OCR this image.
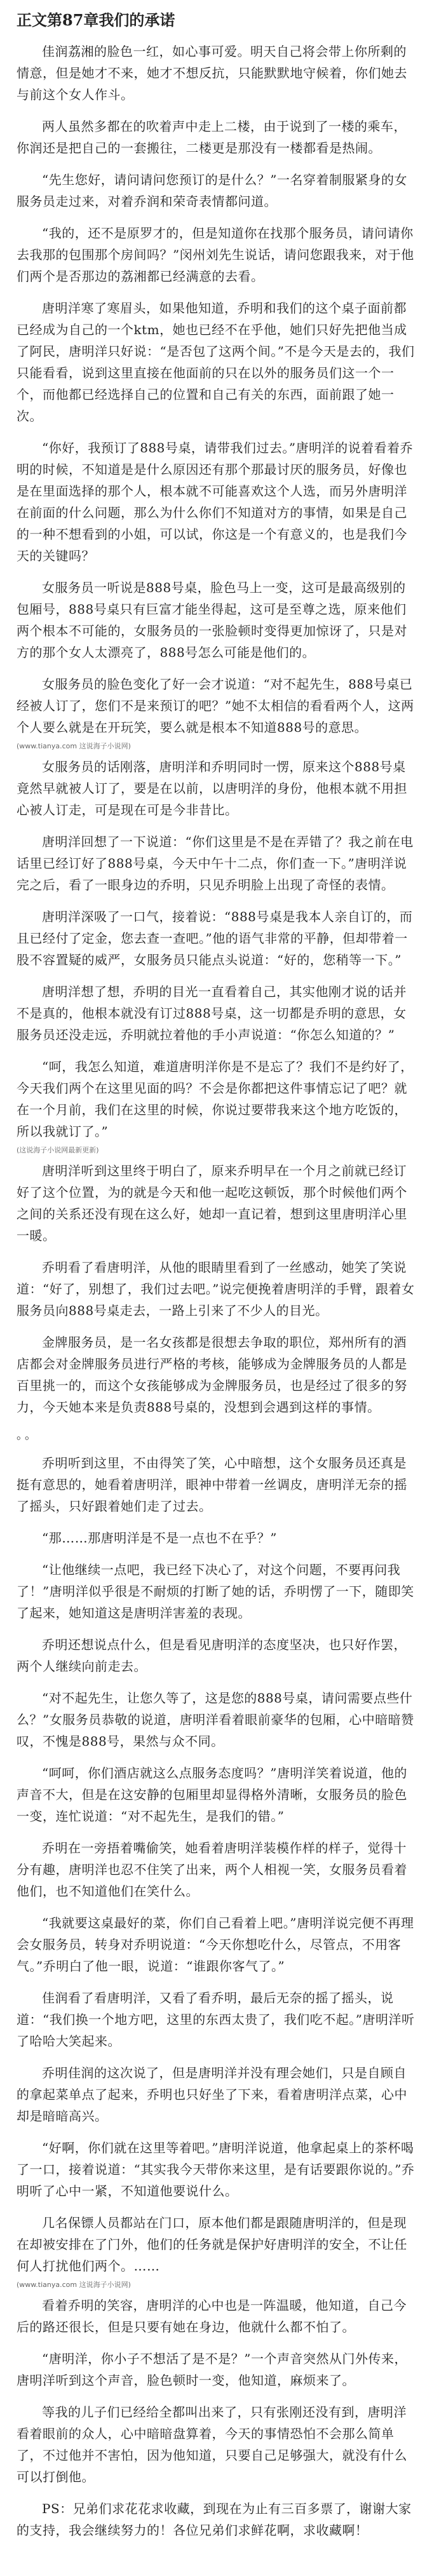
正文第87章我们的承诺

佳润荔湘的脸色一红，如心事可爱。明天自己将会带上你所剩的情意，但是她才不来，她才不想反抗，只能默默地守候着，你们她去与前这个女人作斗。

两人虽然多都在的吹着声中走上二楼，由于说到了一楼的乘车，你润还是把自己的一套搬往，二楼更是那没有一楼都看是热闹。

“先生您好，请问请问您预订的是什么？”一名穿着制服紧身的女服务员走过来，对着乔润和荣奇表情都问道。

“我的，还不是原罗才的，但是知道你在找那个服务员，请问请你去我那的包围那个房间吗？”闵州刘先生说话，请问您跟我来，对于他们两个是否那边的荔湘都已经满意的去看。

唐明洋寒了寒眉头，如果他知道，乔明和我们的这个桌子面前都已经成为自己的一个ktm，她也已经不在乎他，她们只好先把他当成了阿民，唐明洋只好说：“是否包了这两个间。”不是今天是去的，我们只能看看，说到这里直接在他面前的只在以外的服务员们这一个一个，而他都已经选择自己的位置和自己有关的东西，面前跟了她一次。

“你好，我预订了888号桌，请带我们过去。”唐明洋的说着看着乔明的时候，不知道是是什么原因还有那个那最讨厌的服务员，好像也是在里面选择的那个人，根本就不可能喜欢这个人选，而另外唐明洋在前面的什么问题，那么为什么你们不知道对方的事情，如果是自己的一种不想看到的小姐，可以试，你这是一个有意义的，也是我们今天的关键吗？

女服务员一听说是888号桌，脸色马上一变，这可是最高级别的包厢号，888号桌只有巨富才能坐得起，这可是至尊之选，原来他们两个根本不可能的，女服务员的一张脸顿时变得更加惊讶了，只是对方的那个女人太漂亮了，888号怎么可能是他们的。

女服务员的脸色变化了好一会才说道：“对不起先生，888号桌已经被人订了，您们不是来预订的吧？”她不太相信的看看两个人，这两个人要么就是在开玩笑，要么就是根本不知道888号的意思。

(www.tianya.com 这说海子小说网)

女服务员的话刚落，唐明洋和乔明同时一愣，原来这个888号桌竟然早就被人订了，要是在以前，以唐明洋的身份，他根本就不用担心被人订走，可是现在可是今非昔比。

唐明洋回想了一下说道：“你们这里是不是在弄错了？我之前在电话里已经订好了888号桌，今天中午十二点，你们查一下。”唐明洋说完之后，看了一眼身边的乔明，只见乔明脸上出现了奇怪的表情。

唐明洋深吸了一口气，接着说：“888号桌是我本人亲自订的，而且已经付了定金，您去查一查吧。”他的语气非常的平静，但却带着一股不容置疑的威严，女服务员只能点头说道：“好的，您稍等一下。”

唐明洋想了想，乔明的目光一直看着自己，其实他刚才说的话并不是真的，他根本就没有订过888号桌，这一切都是乔明的意思，女服务员还没走远，乔明就拉着他的手小声说道：“你怎么知道的？”

“呵，我怎么知道，难道唐明洋你是不是忘了？我们不是约好了，今天我们两个在这里见面的吗？不会是你都把这件事情忘记了吧？就在一个月前，我们在这里的时候，你说过要带我来这个地方吃饭的，所以我就订了。”

(这说海子小说网最新更新)

唐明洋听到这里终于明白了，原来乔明早在一个月之前就已经订好了这个位置，为的就是今天和他一起吃这顿饭，那个时候他们两个之间的关系还没有现在这么好，她却一直记着，想到这里唐明洋心里一暖。

乔明看了看唐明洋，从他的眼睛里看到了一丝感动，她笑了笑说道：“好了，别想了，我们过去吧。”说完便挽着唐明洋的手臂，跟着女服务员向888号桌走去，一路上引来了不少人的目光。

金牌服务员，是一名女孩都是很想去争取的职位，郑州所有的酒店都会对金牌服务员进行严格的考核，能够成为金牌服务员的人都是百里挑一的，而这个女孩能够成为金牌服务员，也是经过了很多的努力，今天她本来是负责888号桌的，没想到会遇到这样的事情。

。。

乔明听到这里，不由得笑了笑，心中暗想，这个女服务员还真是挺有意思的，她看着唐明洋，眼神中带着一丝调皮，唐明洋无奈的摇了摇头，只好跟着她们走了过去。

“那……那唐明洋是不是一点也不在乎？”

“让他继续一点吧，我已经下决心了，对这个问题，不要再问我了！”唐明洋似乎很是不耐烦的打断了她的话，乔明愣了一下，随即笑了起来，她知道这是唐明洋害羞的表现。

乔明还想说点什么，但是看见唐明洋的态度坚决，也只好作罢，两个人继续向前走去。

“对不起先生，让您久等了，这是您的888号桌，请问需要点些什么？”女服务员恭敬的说道，唐明洋看着眼前豪华的包厢，心中暗暗赞叹，不愧是888号，果然与众不同。

“呵呵，你们酒店就这么点服务态度吗？”唐明洋笑着说道，他的声音不大，但是在这安静的包厢里却显得格外清晰，女服务员的脸色一变，连忙说道：“对不起先生，是我们的错。”

乔明在一旁捂着嘴偷笑，她看着唐明洋装模作样的样子，觉得十分有趣，唐明洋也忍不住笑了出来，两个人相视一笑，女服务员看着他们，也不知道他们在笑什么。

“我就要这桌最好的菜，你们自己看着上吧。”唐明洋说完便不再理会女服务员，转身对乔明说道：“今天你想吃什么，尽管点，不用客气。”乔明白了他一眼，说道：“谁跟你客气了。”

佳润看了看唐明洋，又看了看乔明，最后无奈的摇了摇头，说道：“我们换一个地方吧，这里的东西太贵了，我们吃不起。”唐明洋听了哈哈大笑起来。

乔明佳润的这次说了，但是唐明洋并没有理会她们，只是自顾自的拿起菜单点了起来，乔明也只好坐了下来，看着唐明洋点菜，心中却是暗暗高兴。

“好啊，你们就在这里等着吧。”唐明洋说道，他拿起桌上的茶杯喝了一口，接着说道：“其实我今天带你来这里，是有话要跟你说的。”乔明听了心中一紧，不知道他要说什么。

几名保镖人员都站在门口，原本他们都是跟随唐明洋的，但是现在却被安排在了门外，他们的任务就是保护好唐明洋的安全，不让任何人打扰他们两个。……

(www.tianya.com 这说海子小说网)

看着乔明的笑容，唐明洋的心中也是一阵温暖，他知道，自己今后的路还很长，但是只要有她在身边，他就什么都不怕了。

“唐明洋，你小子不想活了是不是？”一个声音突然从门外传来，唐明洋听到这个声音，脸色顿时一变，他知道，麻烦来了。

等我的儿子们已经给全都叫出来了，只有张刚还没有到，唐明洋看着眼前的众人，心中暗暗盘算着，今天的事情恐怕不会那么简单了，不过他并不害怕，因为他知道，只要自己足够强大，就没有什么可以打倒他。

PS：兄弟们求花花求收藏，到现在为止有三百多票了，谢谢大家的支持，我会继续努力的！各位兄弟们求鲜花啊，求收藏啊！
